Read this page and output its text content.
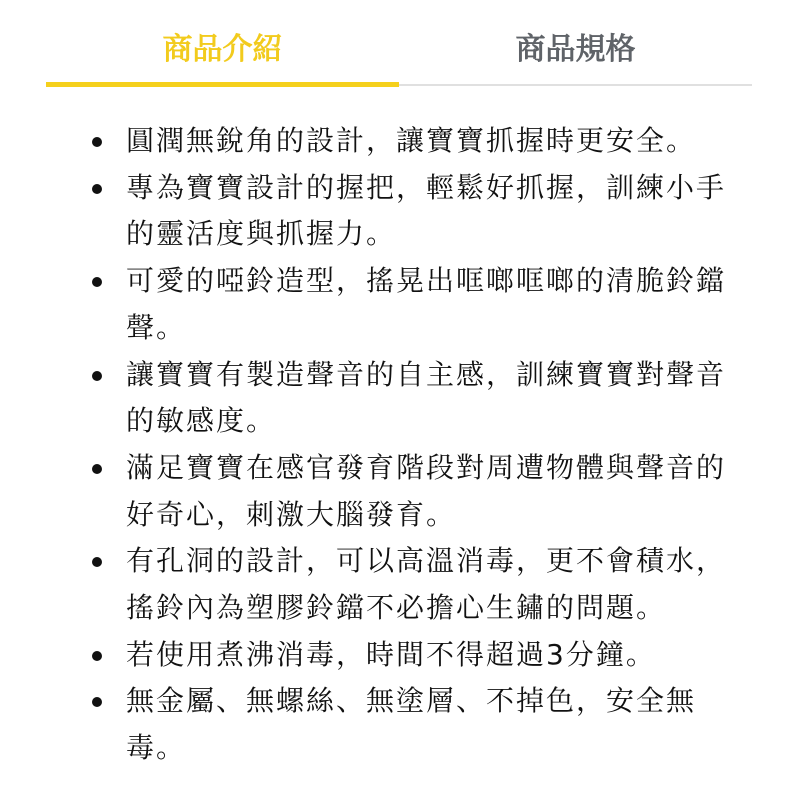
商品介紹	商品規格
圓潤無銳角的設計，讓寶寶抓握時更安全。
專為寶寶設計的握把，輕鬆好抓握，訓練小手
的靈活度與抓握力。
可愛的啞鈴造型，搖晃出哐啷哐啷的清脆鈴鐺
聲。
讓寶寶有製造聲音的自主感，訓練寶寶對聲音
的敏感度。
滿足寶寶在感官發育階段對周遭物體與聲音的
好奇心，刺激大腦發育。
有孔洞的設計，可以高溫消毒，更不會積水，
搖鈴內為塑膠鈴鐺不必擔心生鏽的問題。
若使用煮沸消毒，時間不得超過3分鐘。
無金屬、無螺絲、無塗層、不掉色，安全無
毒。
